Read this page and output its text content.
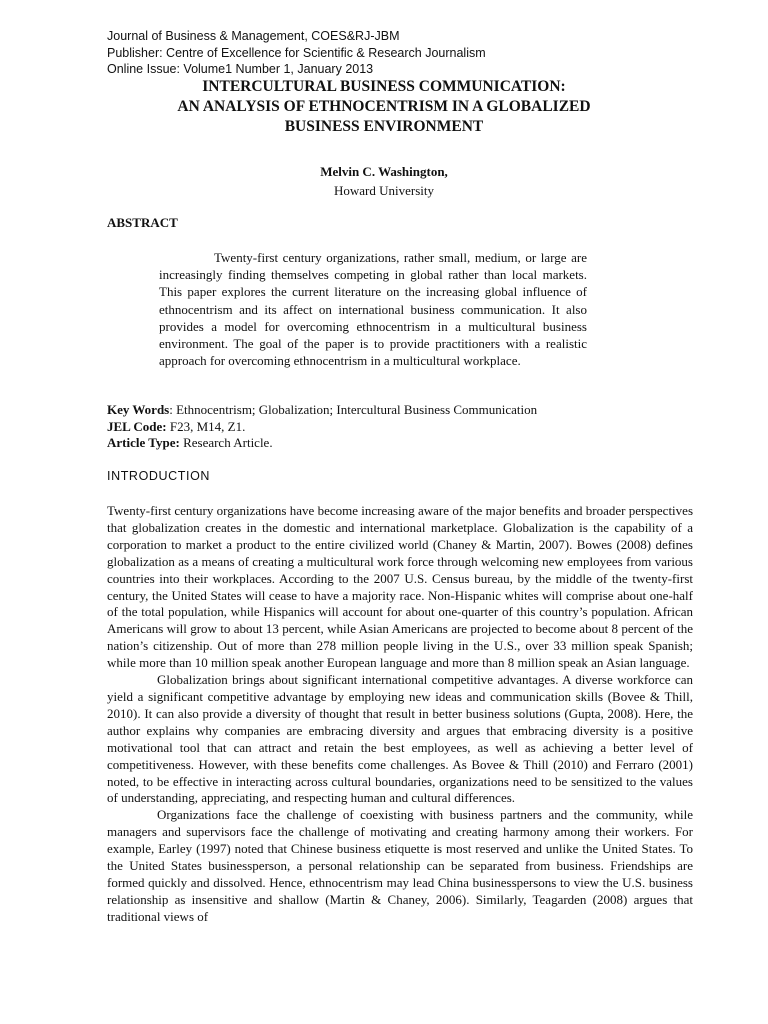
Journal of Business & Management, COES&RJ-JBM
Publisher: Centre of Excellence for Scientific & Research Journalism
Online Issue: Volume1 Number 1, January 2013
INTERCULTURAL BUSINESS COMMUNICATION:
AN ANALYSIS OF ETHNOCENTRISM IN A GLOBALIZED
BUSINESS ENVIRONMENT
Melvin C. Washington,
Howard University
ABSTRACT
Twenty-first century organizations, rather small, medium, or large are increasingly finding themselves competing in global rather than local markets. This paper explores the current literature on the increasing global influence of ethnocentrism and its affect on international business communication. It also provides a model for overcoming ethnocentrism in a multicultural business environment. The goal of the paper is to provide practitioners with a realistic approach for overcoming ethnocentrism in a multicultural workplace.
Key Words: Ethnocentrism; Globalization; Intercultural Business Communication
JEL Code: F23, M14, Z1.
Article Type: Research Article.
INTRODUCTION

Twenty-first century organizations have become increasing aware of the major benefits and broader perspectives that globalization creates in the domestic and international marketplace. Globalization is the capability of a corporation to market a product to the entire civilized world (Chaney & Martin, 2007). Bowes (2008) defines globalization as a means of creating a multicultural work force through welcoming new employees from various countries into their workplaces. According to the 2007 U.S. Census bureau, by the middle of the twenty-first century, the United States will cease to have a majority race. Non-Hispanic whites will comprise about one-half of the total population, while Hispanics will account for about one-quarter of this country’s population. African Americans will grow to about 13 percent, while Asian Americans are projected to become about 8 percent of the nation’s citizenship. Out of more than 278 million people living in the U.S., over 33 million speak Spanish; while more than 10 million speak another European language and more than 8 million speak an Asian language.

Globalization brings about significant international competitive advantages. A diverse workforce can yield a significant competitive advantage by employing new ideas and communication skills (Bovee & Thill, 2010). It can also provide a diversity of thought that result in better business solutions (Gupta, 2008). Here, the author explains why companies are embracing diversity and argues that embracing diversity is a positive motivational tool that can attract and retain the best employees, as well as achieving a better level of competitiveness. However, with these benefits come challenges. As Bovee & Thill (2010) and Ferraro (2001) noted, to be effective in interacting across cultural boundaries, organizations need to be sensitized to the values of understanding, appreciating, and respecting human and cultural differences.

Organizations face the challenge of coexisting with business partners and the community, while managers and supervisors face the challenge of motivating and creating harmony among their workers. For example, Earley (1997) noted that Chinese business etiquette is most reserved and unlike the United States. To the United States businessperson, a personal relationship can be separated from business. Friendships are formed quickly and dissolved. Hence, ethnocentrism may lead China businesspersons to view the U.S. business relationship as insensitive and shallow (Martin & Chaney, 2006). Similarly, Teagarden (2008) argues that traditional views of
